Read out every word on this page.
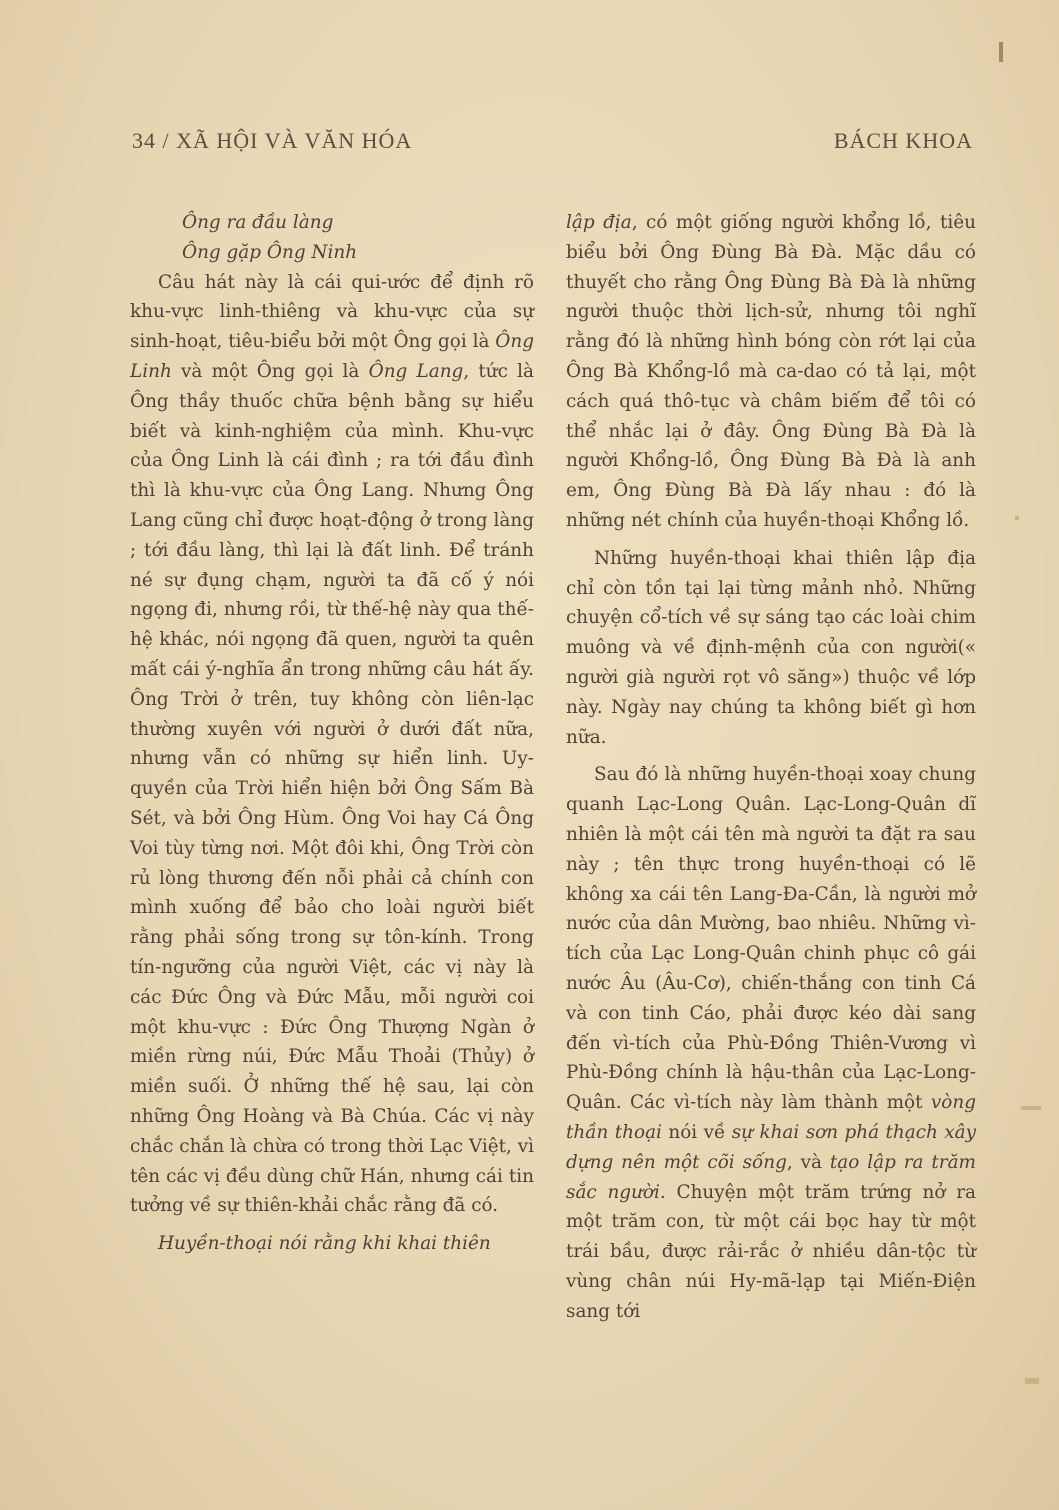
34 / XÃ HỘI VÀ VĂN HÓA	BÁCH KHOA

Ông ra đầu làng

Ông gặp Ông Ninh

Câu hát này là cái qui-ước để định rõ khu-vực linh-thiêng và khu-vực của sự sinh-hoạt, tiêu-biểu bởi một Ông gọi là Ông Linh và một Ông gọi là Ông Lang, tức là Ông thầy thuốc chữa bệnh bằng sự hiểu biết và kinh-nghiệm của mình. Khu-vực của Ông Linh là cái đình ; ra tới đầu đình thì là khu-vực của Ông Lang. Nhưng Ông Lang cũng chỉ được hoạt-động ở trong làng ; tới đầu làng, thì lại là đất linh. Để tránh né sự đụng chạm, người ta đã cố ý nói ngọng đi, nhưng rồi, từ thế-hệ này qua thế-hệ khác, nói ngọng đã quen, người ta quên mất cái ý-nghĩa ẩn trong những câu hát ấy. Ông Trời ở trên, tuy không còn liên-lạc thường xuyên với người ở dưới đất nữa, nhưng vẫn có những sự hiển linh. Uy-quyền của Trời hiển hiện bởi Ông Sấm Bà Sét, và bởi Ông Hùm. Ông Voi hay Cá Ông Voi tùy từng nơi. Một đôi khi, Ông Trời còn rủ lòng thương đến nỗi phải cả chính con mình xuống để bảo cho loài người biết rằng phải sống trong sự tôn-kính. Trong tín-ngưỡng của người Việt, các vị này là các Đức Ông và Đức Mẫu, mỗi người coi một khu-vực : Đức Ông Thượng Ngàn ở miền rừng núi, Đức Mẫu Thoải (Thủy) ở miền suối. Ở những thế hệ sau, lại còn những Ông Hoàng và Bà Chúa. Các vị này chắc chắn là chừa có trong thời Lạc Việt, vì tên các vị đều dùng chữ Hán, nhưng cái tin tưởng về sự thiên-khải chắc rằng đã có.

Huyền-thoại nói rằng khi khai thiên

lập địa, có một giống người khổng lồ, tiêu biểu bởi Ông Đùng Bà Đà. Mặc dầu có thuyết cho rằng Ông Đùng Bà Đà là những người thuộc thời lịch-sử, nhưng tôi nghĩ rằng đó là những hình bóng còn rớt lại của Ông Bà Khổng-lồ mà ca-dao có tả lại, một cách quá thô-tục và châm biếm để tôi có thể nhắc lại ở đây. Ông Đùng Bà Đà là người Khổng-lồ, Ông Đùng Bà Đà là anh em, Ông Đùng Bà Đà lấy nhau : đó là những nét chính của huyền-thoại Khổng lồ.

Những huyền-thoại khai thiên lập địa chỉ còn tồn tại lại từng mảnh nhỏ. Những chuyện cổ-tích về sự sáng tạo các loài chim muông và về định-mệnh của con người(« người già người rọt vô săng») thuộc về lớp này. Ngày nay chúng ta không biết gì hơn nữa.

Sau đó là những huyền-thoại xoay chung quanh Lạc-Long Quân. Lạc-Long-Quân dĩ nhiên là một cái tên mà người ta đặt ra sau này ; tên thực trong huyền-thoại có lẽ không xa cái tên Lang-Đa-Cần, là người mở nước của dân Mường, bao nhiêu. Những vì-tích của Lạc Long-Quân chinh phục cô gái nước Âu (Âu-Cơ), chiến-thắng con tinh Cá và con tinh Cáo, phải được kéo dài sang đến vì-tích của Phù-Đồng Thiên-Vương vì Phù-Đồng chính là hậu-thân của Lạc-Long-Quân. Các vì-tích này làm thành một vòng thần thoại nói về sự khai sơn phá thạch xây dựng nên một cõi sống, và tạo lập ra trăm sắc người. Chuyện một trăm trứng nở ra một trăm con, từ một cái bọc hay từ một trái bầu, được rải-rắc ở nhiều dân-tộc từ vùng chân núi Hy-mã-lạp tại Miến-Điện sang tới
